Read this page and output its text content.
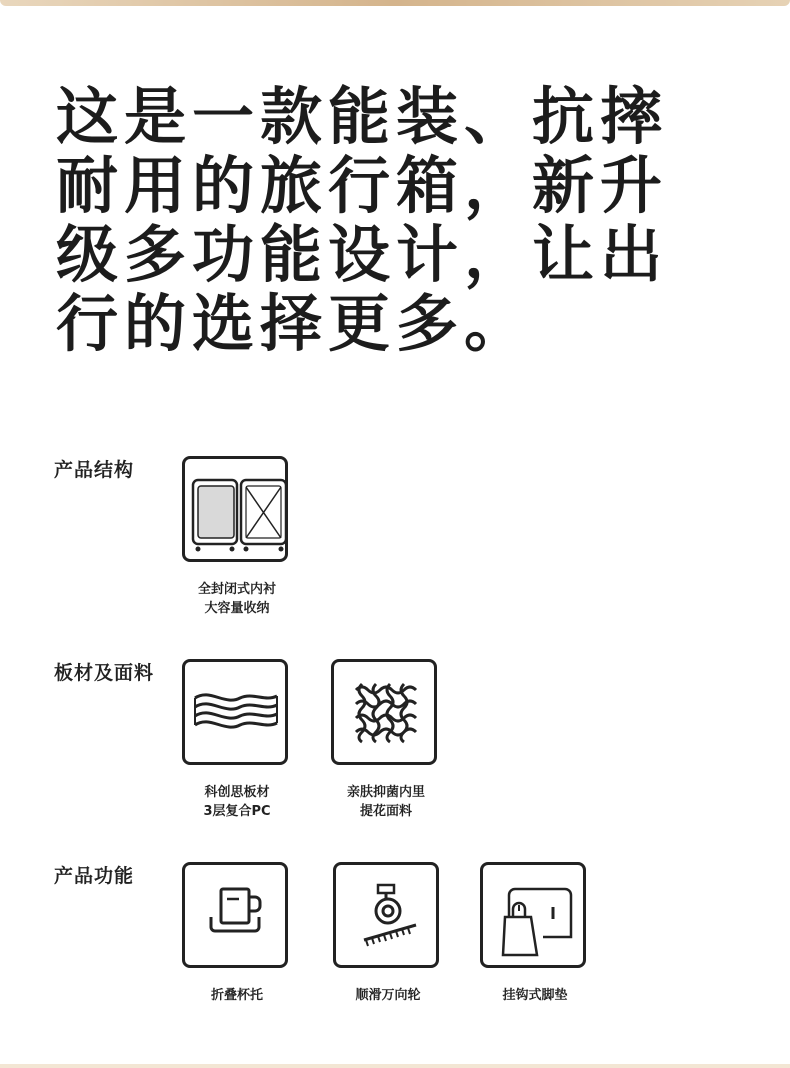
这是一款能装、抗摔
耐用的旅行箱，新升
级多功能设计，让出
行的选择更多。
产品结构
全封闭式内衬
大容量收纳
板材及面料
科创思板材
3层复合PC
亲肤抑菌内里
提花面料
产品功能
折叠杯托	顺滑万向轮	挂钩式脚垫
